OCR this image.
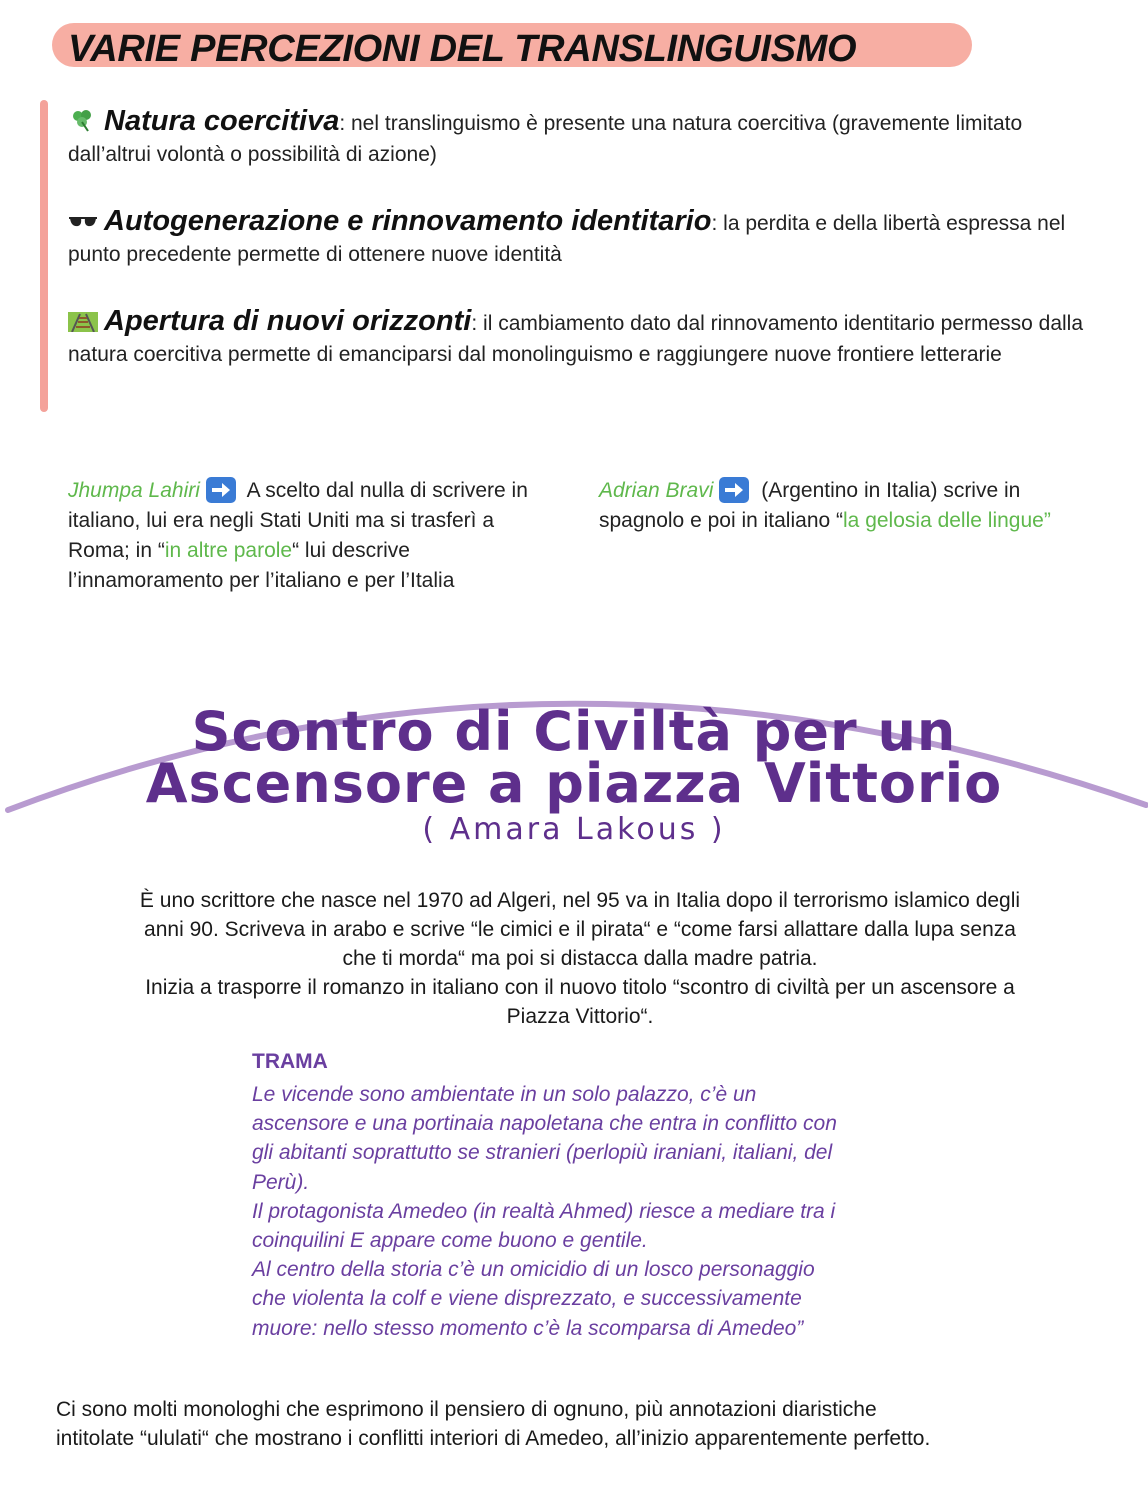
VARIE PERCEZIONI DEL TRANSLINGUISMO
Natura coercitiva: nel translinguismo è presente una natura coercitiva (gravemente limitato dall’altrui volontà o possibilità di azione)
Autogenerazione e rinnovamento identitario: la perdita e della libertà espressa nel punto precedente permette di ottenere nuove identità
Apertura di nuovi orizzonti: il cambiamento dato dal rinnovamento identitario permesso dalla natura coercitiva permette di emanciparsi dal monolinguismo e raggiungere nuove frontiere letterarie
Jhumpa Lahiri
A scelto dal nulla di scrivere in italiano, lui era negli Stati Uniti ma si trasferì a Roma; in “in altre parole“ lui descrive l’innamoramento per l’italiano e per l’Italia
Adrian Bravi
(Argentino in Italia) scrive in spagnolo e poi in italiano “la gelosia delle lingue”
Scontro di Civiltà per un
Ascensore a piazza Vittorio
( Amara Lakous )
È uno scrittore che nasce nel 1970 ad Algeri, nel 95 va in Italia dopo il terrorismo islamico degli
anni 90. Scriveva in arabo e scrive “le cimici e il pirata“ e “come farsi allattare dalla lupa senza
che ti morda“ ma poi si distacca dalla madre patria.
Inizia a trasporre il romanzo in italiano con il nuovo titolo “scontro di civiltà per un ascensore a
Piazza Vittorio“.
TRAMA
Le vicende sono ambientate in un solo palazzo, c’è un
ascensore e una portinaia napoletana che entra in conflitto con
gli abitanti soprattutto se stranieri (perlopiù iraniani, italiani, del
Perù).
Il protagonista Amedeo (in realtà Ahmed) riesce a mediare tra i
coinquilini E appare come buono e gentile.
Al centro della storia c’è un omicidio di un losco personaggio
che violenta la colf e viene disprezzato, e successivamente
muore: nello stesso momento c’è la scomparsa di Amedeo”
Ci sono molti monologhi che esprimono il pensiero di ognuno, più annotazioni diaristiche
intitolate “ululati“ che mostrano i conflitti interiori di Amedeo, all’inizio apparentemente perfetto.
